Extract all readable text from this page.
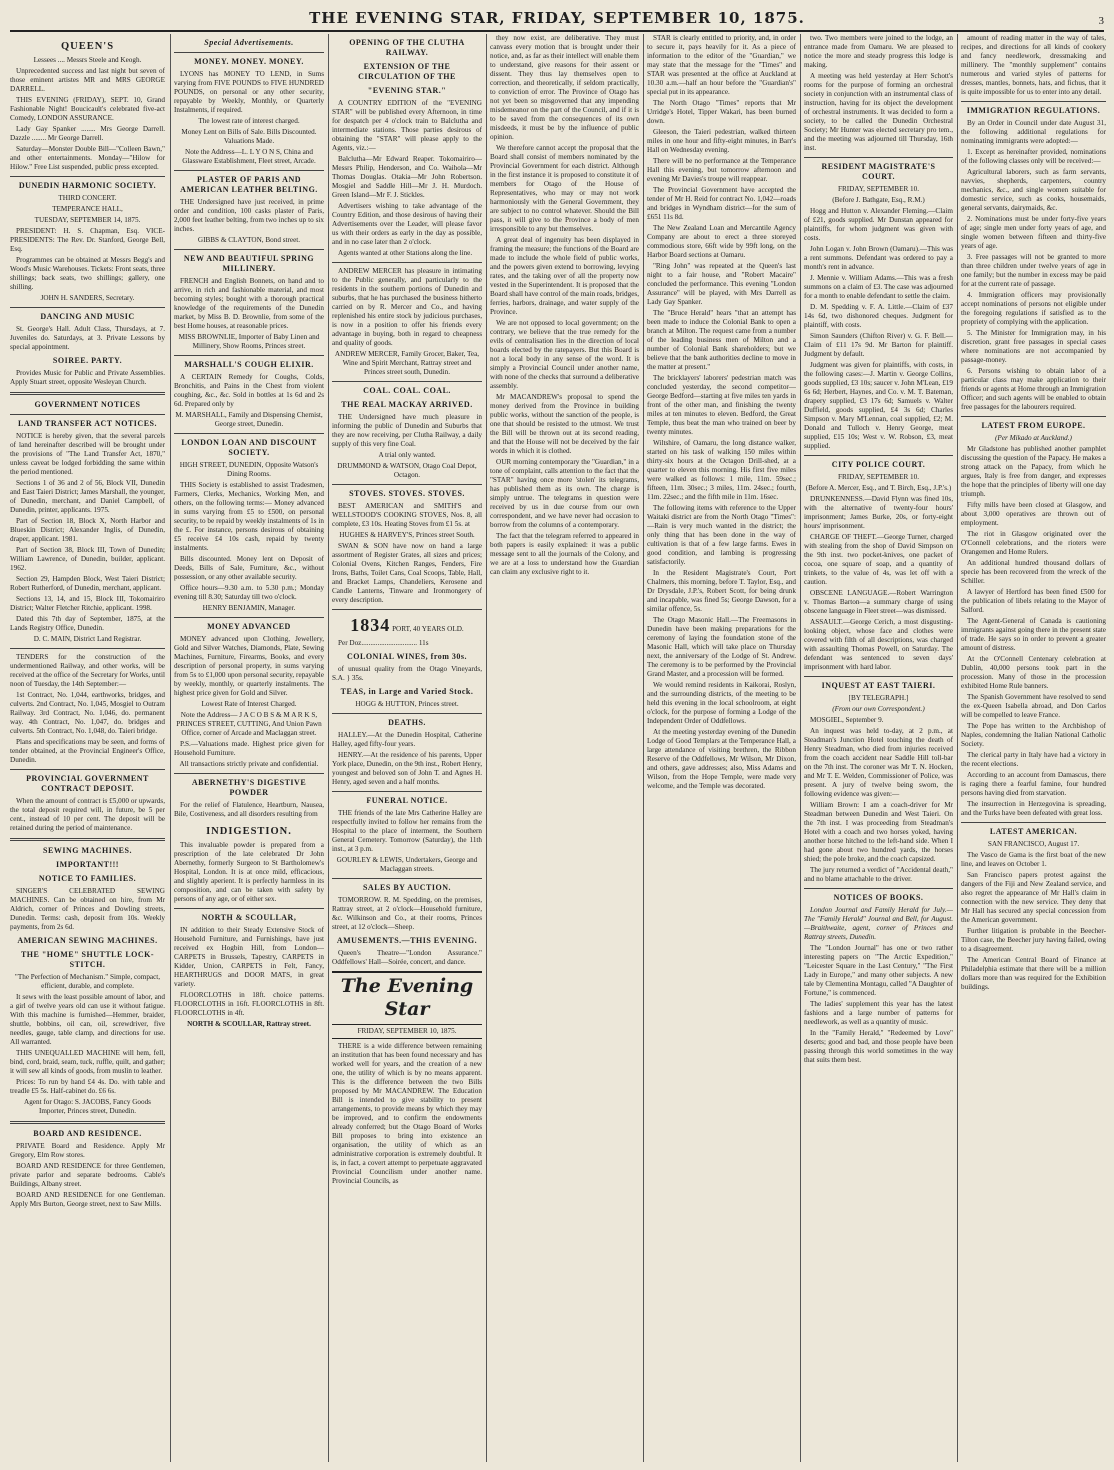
THE EVENING STAR, FRIDAY, SEPTEMBER 10, 1875.	3
QUEEN'S

Lessees .... Messrs Steele and Keogh.

Unprecedented success and last night but seven of those eminent artistes MR and MRS GEORGE DARRELL.

THIS EVENING (FRIDAY), SEPT. 10, Grand Fashionable Night! Boucicault's celebrated five-act Comedy, LONDON ASSURANCE.

Lady Gay Spanker ........ Mrs George Darrell. Dazzle ........ Mr George Darrell.

Saturday—Monster Double Bill—"Colleen Bawn," and other entertainments. Monday—"Hilow for Hilow." Free List suspended, public press excepted.

DUNEDIN HARMONIC SOCIETY.

THIRD CONCERT.

TEMPERANCE HALL,

TUESDAY, SEPTEMBER 14, 1875.

PRESIDENT: H. S. Chapman, Esq. VICE-PRESIDENTS: The Rev. Dr. Stanford, George Bell, Esq.

Programmes can be obtained at Messrs Begg's and Wood's Music Warehouses. Tickets: Front seats, three shillings; back seats, two shillings; gallery, one shilling.

JOHN H. SANDERS, Secretary.

DANCING AND MUSIC

St. George's Hall. Adult Class, Thursdays, at 7. Juveniles do. Saturdays, at 3. Private Lessons by special appointment.

SOIREE. PARTY.

Provides Music for Public and Private Assemblies. Apply Stuart street, opposite Wesleyan Church.

GOVERNMENT NOTICES
LAND TRANSFER ACT NOTICES.

NOTICE is hereby given, that the several parcels of land hereinafter described will be brought under the provisions of "The Land Transfer Act, 1870," unless caveat be lodged forbidding the same within the period mentioned.

Sections 1 of 36 and 2 of 56, Block VII, Dunedin and East Taieri District; James Marshall, the younger, of Dunedin, merchant, and Daniel Campbell, of Dunedin, printer, applicants. 1975.

Part of Section 18, Block X, North Harbor and Blueskin District; Alexander Inglis, of Dunedin, draper, applicant. 1981.

Part of Section 38, Block III, Town of Dunedin; William Lawrence, of Dunedin, builder, applicant. 1962.

Section 29, Hampden Block, West Taieri District; Robert Rutherford, of Dunedin, merchant, applicant.

Sections 13, 14, and 15, Block III, Tokomairiro District; Walter Fletcher Ritchie, applicant. 1998.

Dated this 7th day of September, 1875, at the Lands Registry Office, Dunedin.

D. C. MAIN, District Land Registrar.

TENDERS for the construction of the undermentioned Railway, and other works, will be received at the office of the Secretary for Works, until noon of Tuesday, the 14th September:—

1st Contract, No. 1,044, earthworks, bridges, and culverts. 2nd Contract, No. 1,045, Mosgiel to Outram Railway. 3rd Contract, No. 1,046, do. permanent way. 4th Contract, No. 1,047, do. bridges and culverts. 5th Contract, No. 1,048, do. Taieri bridge.

Plans and specifications may be seen, and forms of tender obtained, at the Provincial Engineer's Office, Dunedin.

PROVINCIAL GOVERNMENT CONTRACT DEPOSIT.

When the amount of contract is £5,000 or upwards, the total deposit required will, in future, be 5 per cent., instead of 10 per cent. The deposit will be retained during the period of maintenance.

SEWING MACHINES.
IMPORTANT!!!
NOTICE TO FAMILIES.

SINGER'S CELEBRATED SEWING MACHINES. Can be obtained on hire, from Mr Aldrich, corner of Princes and Dowling streets, Dunedin. Terms: cash, deposit from 10s. Weekly payments, from 2s 6d.

AMERICAN SEWING MACHINES.
THE "HOME" SHUTTLE LOCK-STITCH.

"The Perfection of Mechanism." Simple, compact, efficient, durable, and complete.

It sews with the least possible amount of labor, and a girl of twelve years old can use it without fatigue. With this machine is furnished—Hemmer, braider, shuttle, bobbins, oil can, oil, screwdriver, five needles, gauge, table clamp, and directions for use. All warranted.

THIS UNEQUALLED MACHINE will hem, fell, bind, cord, braid, seam, tuck, ruffle, quilt, and gather; it will sew all kinds of goods, from muslin to leather.

Prices: To run by hand £4 4s. Do. with table and treadle £5 5s. Half-cabinet do. £6 6s.

Agent for Otago: S. JACOBS, Fancy Goods Importer, Princes street, Dunedin.

BOARD AND RESIDENCE.

PRIVATE Board and Residence. Apply Mr Gregory, Elm Row stores.

BOARD AND RESIDENCE for three Gentlemen, private parlor and separate bedrooms. Cable's Buildings, Albany street.

BOARD AND RESIDENCE for one Gentleman. Apply Mrs Burton, George street, next to Saw Mills.

Special Advertisements.
MONEY. MONEY. MONEY.

LYONS has MONEY TO LEND, in Sums varying from FIVE POUNDS to FIVE HUNDRED POUNDS, on personal or any other security, repayable by Weekly, Monthly, or Quarterly Instalments, if required.

The lowest rate of interest charged.

Money Lent on Bills of Sale. Bills Discounted. Valuations Made.

Note the Address—L. L Y O N S, China and Glassware Establishment, Fleet street, Arcade.

PLASTER OF PARIS AND AMERICAN LEATHER BELTING.

THE Undersigned have just received, in prime order and condition, 100 casks plaster of Paris, 2,000 feet leather belting, from two inches up to six inches.

GIBBS & CLAYTON, Bond street.

NEW AND BEAUTIFUL SPRING MILLINERY.

FRENCH and English Bonnets, on hand and to arrive, in rich and fashionable material, and most becoming styles; bought with a thorough practical knowledge of the requirements of the Dunedin market, by Miss B. D. Brownlie, from some of the best Home houses, at reasonable prices.

MISS BROWNLIE, Importer of Baby Linen and Millinery, Show Rooms, Princes street.

MARSHALL'S COUGH ELIXIR.

A CERTAIN Remedy for Coughs, Colds, Bronchitis, and Pains in the Chest from violent coughing, &c., &c. Sold in bottles at 1s 6d and 2s 6d. Prepared only by

M. MARSHALL, Family and Dispensing Chemist, George street, Dunedin.

LONDON LOAN AND DISCOUNT SOCIETY.

HIGH STREET, DUNEDIN, Opposite Watson's Dining Rooms.

THIS Society is established to assist Tradesmen, Farmers, Clerks, Mechanics, Working Men, and others, on the following terms:— Money advanced in sums varying from £5 to £500, on personal security, to be repaid by weekly instalments of 1s in the £. For instance, persons desirous of obtaining £5 receive £4 10s cash, repaid by twenty instalments.

Bills discounted. Money lent on Deposit of Deeds, Bills of Sale, Furniture, &c., without possession, or any other available security.

Office hours—9.30 a.m. to 5.30 p.m.; Monday evening till 8.30; Saturday till two o'clock.

HENRY BENJAMIN, Manager.

MONEY ADVANCED

MONEY advanced upon Clothing, Jewellery, Gold and Silver Watches, Diamonds, Plate, Sewing Machines, Furniture, Firearms, Books, and every description of personal property, in sums varying from 5s to £1,000 upon personal security, repayable by weekly, monthly, or quarterly instalments. The highest price given for Gold and Silver.

Lowest Rate of Interest Charged.

Note the Address— J A C O B S & M A R K S, PRINCES STREET, CUTTING, And Union Pawn Office, corner of Arcade and Maclaggan street.

P.S.—Valuations made. Highest price given for Household Furniture.

All transactions strictly private and confidential.

ABERNETHY'S DIGESTIVE POWDER

For the relief of Flatulence, Heartburn, Nausea, Bile, Costiveness, and all disorders resulting from

INDIGESTION.

This invaluable powder is prepared from a prescription of the late celebrated Dr John Abernethy, formerly Surgeon to St Bartholomew's Hospital, London. It is at once mild, efficacious, and slightly aperient. It is perfectly harmless in its composition, and can be taken with safety by persons of any age, or of either sex.

NORTH & SCOULLAR,

IN addition to their Steady Extensive Stock of Household Furniture, and Furnishings, have just received ex Hogbin Hill, from London— CARPETS in Brussels, Tapestry, CARPETS in Kidder, Union, CARPETS in Felt, Fancy, HEARTHRUGS and DOOR MATS, in great variety.

FLOORCLOTHS in 18ft. choice patterns. FLOORCLOTHS in 16ft. FLOORCLOTHS in 8ft. FLOORCLOTHS in 4ft.

NORTH & SCOULLAR, Rattray street.

OPENING OF THE CLUTHA RAILWAY.
EXTENSION OF THE CIRCULATION OF THE
"EVENING STAR."

A COUNTRY EDITION of the "EVENING STAR" will be published every Afternoon, in time for despatch per 4 o'clock train to Balclutha and intermediate stations. Those parties desirous of obtaining the "STAR" will please apply to the Agents, viz.:—

Balclutha—Mr Edward Reaper. Tokomairiro—Messrs Philip, Henderson, and Co. Waihola—Mr Thomas Douglas. Otakia—Mr John Robertson. Mosgiel and Saddle Hill—Mr J. H. Murdoch. Green Island—Mr F. J. Stickles.

Advertisers wishing to take advantage of the Country Edition, and those desirous of having their Advertisements over the Leader, will please favor us with their orders as early in the day as possible, and in no case later than 2 o'clock.

Agents wanted at other Stations along the line.

ANDREW MERCER has pleasure in intimating to the Public generally, and particularly to the residents in the southern portions of Dunedin and suburbs, that he has purchased the business hitherto carried on by R. Mercer and Co., and having replenished his entire stock by judicious purchases, is now in a position to offer his friends every advantage in buying, both in regard to cheapness and quality of goods.

ANDREW MERCER, Family Grocer, Baker, Tea, Wine and Spirit Merchant, Rattray street and Princes street south, Dunedin.

COAL. COAL. COAL.
THE REAL MACKAY ARRIVED.

THE Undersigned have much pleasure in informing the public of Dunedin and Suburbs that they are now receiving, per Clutha Railway, a daily supply of this very fine Coal.

A trial only wanted.

DRUMMOND & WATSON, Otago Coal Depot, Octagon.

STOVES. STOVES. STOVES.

BEST AMERICAN and SMITH'S and WELLSTOOD'S COOKING STOVES, Nos. 8, all complete, £3 10s. Heating Stoves from £1 5s. at

HUGHES & HARVEY'S, Princes street South.

SWAN & SON have now on hand a large assortment of Register Grates, all sizes and prices; Colonial Ovens, Kitchen Ranges, Fenders, Fire Irons, Baths, Toilet Cans, Coal Scoops, Table, Hall, and Bracket Lamps, Chandeliers, Kerosene and Candle Lanterns, Tinware and Ironmongery of every description.

1834 PORT, 40 YEARS OLD.

Per Doz............................... 11s

COLONIAL WINES, from 30s.

of unusual quality from the Otago Vineyards, S.A. } 35s.

TEAS, in Large and Varied Stock.

HOGG & HUTTON, Princes street.

DEATHS.

HALLEY.—At the Dunedin Hospital, Catherine Halley, aged fifty-four years.

HENRY.—At the residence of his parents, Upper York place, Dunedin, on the 9th inst., Robert Henry, youngest and beloved son of John T. and Agnes H. Henry, aged seven and a half months.

FUNERAL NOTICE.

THE friends of the late Mrs Catherine Halley are respectfully invited to follow her remains from the Hospital to the place of interment, the Southern General Cemetery. Tomorrow (Saturday), the 11th inst., at 3 p.m.

GOURLEY & LEWIS, Undertakers, George and Maclaggan streets.

SALES BY AUCTION.

TOMORROW. R. M. Spedding, on the premises, Rattray street, at 2 o'clock—Household furniture, &c. Wilkinson and Co., at their rooms, Princes street, at 12 o'clock—Sheep.

AMUSEMENTS.—THIS EVENING.

Queen's Theatre—"London Assurance." Oddfellows' Hall—Soirée, concert, and dance.

The Evening Star
FRIDAY, SEPTEMBER 10, 1875.

THERE is a wide difference between remaining an institution that has been found necessary and has worked well for years, and the creation of a new one, the utility of which is by no means apparent. This is the difference between the two Bills proposed by Mr MACANDREW. The Education Bill is intended to give stability to present arrangements, to provide means by which they may be improved, and to confirm the endowments already conferred; but the Otago Board of Works Bill proposes to bring into existence an organisation, the utility of which as an administrative corporation is extremely doubtful. It is, in fact, a covert attempt to perpetuate aggravated Provincial Councilism under another name. Provincial Councils, as

they now exist, are deliberative. They must canvass every motion that is brought under their notice, and, as far as their intellect will enable them to understand, give reasons for their assent or dissent. They thus lay themselves open to correction, and theoretically, if seldom practically, to conviction of error. The Province of Otago has not yet been so misgoverned that any impending misdemeanor on the part of the Council, and if it is to be saved from the consequences of its own misdeeds, it must be by the influence of public opinion.

We therefore cannot accept the proposal that the Board shall consist of members nominated by the Provincial Government for each district. Although in the first instance it is proposed to constitute it of members for Otago of the House of Representatives, who may or may not work harmoniously with the General Government, they are subject to no control whatever. Should the Bill pass, it will give to the Province a body of men irresponsible to any but themselves.

A great deal of ingenuity has been displayed in framing the measure; the functions of the Board are made to include the whole field of public works, and the powers given extend to borrowing, levying rates, and the taking over of all the property now vested in the Superintendent. It is proposed that the Board shall have control of the main roads, bridges, ferries, harbors, drainage, and water supply of the Province.

We are not opposed to local government; on the contrary, we believe that the true remedy for the evils of centralisation lies in the direction of local boards elected by the ratepayers. But this Board is not a local body in any sense of the word. It is simply a Provincial Council under another name, with none of the checks that surround a deliberative assembly.

Mr MACANDREW's proposal to spend the money derived from the Province in building public works, without the sanction of the people, is one that should be resisted to the utmost. We trust the Bill will be thrown out at its second reading, and that the House will not be deceived by the fair words in which it is clothed.

OUR morning contemporary the "Guardian," in a tone of complaint, calls attention to the fact that the "STAR" having once more 'stolen' its telegrams, has published them as its own. The charge is simply untrue. The telegrams in question were received by us in due course from our own correspondent, and we have never had occasion to borrow from the columns of a contemporary.

The fact that the telegram referred to appeared in both papers is easily explained: it was a public message sent to all the journals of the Colony, and we are at a loss to understand how the Guardian can claim any exclusive right to it.

STAR is clearly entitled to priority, and, in order to secure it, pays heavily for it. As a piece of information to the editor of the "Guardian," we may state that the message for the "Times" and STAR was presented at the office at Auckland at 10.30 a.m.—half an hour before the "Guardian's" special put in its appearance.

The North Otago "Times" reports that Mr Urridge's Hotel, Tipper Wakari, has been burned down.

Gleeson, the Taieri pedestrian, walked thirteen miles in one hour and fifty-eight minutes, in Barr's Hall on Wednesday evening.

There will be no performance at the Temperance Hall this evening, but tomorrow afternoon and evening Mr Davies's troupe will reappear.

The Provincial Government have accepted the tender of Mr H. Reid for contract No. 1,042—roads and bridges in Wyndham district—for the sum of £651 11s 8d.

The New Zealand Loan and Mercantile Agency Company are about to erect a three storeyed commodious store, 66ft wide by 99ft long, on the Harbor Board sections at Oamaru.

"Ring John" was repeated at the Queen's last night to a fair house, and "Robert Macaire" concluded the performance. This evening "London Assurance" will be played, with Mrs Darrell as Lady Gay Spanker.

The "Bruce Herald" hears "that an attempt has been made to induce the Colonial Bank to open a branch at Milton. The request came from a number of the leading business men of Milton and a number of Colonial Bank shareholders; but we believe that the bank authorities decline to move in the matter at present."

The bricklayers' laborers' pedestrian match was concluded yesterday, the second competitor—George Bedford—starting at five miles ten yards in front of the other man, and finishing the twenty miles at ten minutes to eleven. Bedford, the Great Temple, thus beat the man who trained on beer by twenty minutes.

Wiltshire, of Oamaru, the long distance walker, started on his task of walking 150 miles within thirty-six hours at the Octagon Drill-shed, at a quarter to eleven this morning. His first five miles were walked as follows: 1 mile, 11m. 59sec.; fifteen, 11m. 30sec.; 3 miles, 11m. 24sec.; fourth, 11m. 22sec.; and the fifth mile in 11m. 16sec.

The following items with reference to the Upper Waitaki district are from the North Otago "Times":—Rain is very much wanted in the district; the only thing that has been done in the way of cultivation is that of a few large farms. Ewes in good condition, and lambing is progressing satisfactorily.

In the Resident Magistrate's Court, Port Chalmers, this morning, before T. Taylor, Esq., and Dr Drysdale, J.P.'s, Robert Scott, for being drunk and incapable, was fined 5s; George Dawson, for a similar offence, 5s.

The Otago Masonic Hall.—The Freemasons in Dunedin have been making preparations for the ceremony of laying the foundation stone of the Masonic Hall, which will take place on Thursday next, the anniversary of the Lodge of St. Andrew. The ceremony is to be performed by the Provincial Grand Master, and a procession will be formed.

We would remind residents in Kaikorai, Roslyn, and the surrounding districts, of the meeting to be held this evening in the local schoolroom, at eight o'clock, for the purpose of forming a Lodge of the Independent Order of Oddfellows.

At the meeting yesterday evening of the Dunedin Lodge of Good Templars at the Temperance Hall, a large attendance of visiting brethren, the Ribbon Reserve of the Oddfellows, Mr Wilson, Mr Dixon, and others, gave addresses; also, Miss Adams and Wilson, from the Hope Temple, were made very welcome, and the Temple was decorated.

two. Two members were joined to the lodge, an entrance made from Oamaru. We are pleased to notice the more and steady progress this lodge is making.

A meeting was held yesterday at Herr Schott's rooms for the purpose of forming an orchestral society in conjunction with an instrumental class of instruction, having for its object the development of orchestral instruments. It was decided to form a society, to be called the Dunedin Orchestral Society; Mr Hunter was elected secretary pro tem., and the meeting was adjourned till Thursday, 16th inst.

RESIDENT MAGISTRATE'S COURT.

FRIDAY, SEPTEMBER 10.

(Before J. Bathgate, Esq., R.M.)

Hogg and Hutton v. Alexander Fleming.—Claim of £21, goods supplied. Mr Dunstan appeared for plaintiffs, for whom judgment was given with costs.

John Logan v. John Brown (Oamaru).—This was a rent summons. Defendant was ordered to pay a month's rent in advance.

J. Mennie v. William Adams.—This was a fresh summons on a claim of £3. The case was adjourned for a month to enable defendant to settle the claim.

D. M. Spedding v. F. A. Little.—Claim of £37 14s 6d, two dishonored cheques. Judgment for plaintiff, with costs.

Simon Saunders (Chifton River) v. G. F. Bell.—Claim of £11 17s 9d. Mr Barton for plaintiff. Judgment by default.

Judgment was given for plaintiffs, with costs, in the following cases:—J. Martin v. George Collins, goods supplied, £3 10s; saucer v. John M'Lean, £19 6s 6d; Herbert, Haynes, and Co. v. M. T. Bateman, drapery supplied, £3 17s 6d; Samuels v. Walter Duffield, goods supplied, £4 3s 6d; Charles Simpson v. Mary M'Lennan, coal supplied, £2; M. Donald and Tulloch v. Henry George, meat supplied, £15 10s; West v. W. Robson, £3, meat supplied.

CITY POLICE COURT.

FRIDAY, SEPTEMBER 10.

(Before A. Mercer, Esq., and T. Birch, Esq., J.P.'s.)

DRUNKENNESS.—David Flynn was fined 10s, with the alternative of twenty-four hours' imprisonment; James Burke, 20s, or forty-eight hours' imprisonment.

CHARGE OF THEFT.—George Turner, charged with stealing from the shop of David Simpson on the 9th inst. two pocket-knives, one packet of cocoa, one square of soap, and a quantity of trinkets, to the value of 4s, was let off with a caution.

OBSCENE LANGUAGE.—Robert Warrington v. Thomas Barton—a summary charge of using obscene language in Fleet street—was dismissed.

ASSAULT.—George Cerich, a most disgusting-looking object, whose face and clothes were covered with filth of all descriptions, was charged with assaulting Thomas Powell, on Saturday. The defendant was sentenced to seven days' imprisonment with hard labor.

INQUEST AT EAST TAIERI.

[BY TELEGRAPH.]

(From our own Correspondent.)

MOSGIEL, September 9.

An inquest was held to-day, at 2 p.m., at Steadman's Junction Hotel touching the death of Henry Steadman, who died from injuries received from the coach accident near Saddle Hill toll-bar on the 7th inst. The coroner was Mr T. N. Hocken, and Mr T. E. Welden, Commissioner of Police, was present. A jury of twelve being sworn, the following evidence was given:—

William Brown: I am a coach-driver for Mr Steadman between Dunedin and West Taieri. On the 7th inst. I was proceeding from Steadman's Hotel with a coach and two horses yoked, having another horse hitched to the left-hand side. When I had gone about two hundred yards, the horses shied; the pole broke, and the coach capsized.

The jury returned a verdict of "Accidental death," and no blame attachable to the driver.

NOTICES OF BOOKS.

London Journal and Family Herald for July.—The "Family Herald" Journal and Bell, for August.—Braithwaite, agent, corner of Princes and Rattray streets, Dunedin.

The "London Journal" has one or two rather interesting papers on "The Arctic Expedition," "Leicester Square in the Last Century," "The First Lady in Europe," and many other subjects. A new tale by Clementina Montagu, called "A Daughter of Fortune," is commenced.

The ladies' supplement this year has the latest fashions and a large number of patterns for needlework, as well as a quantity of music.

In the "Family Herald," "Redeemed by Love" deserts; good and bad, and those people have been passing through this world sometimes in the way that suits them best.

amount of reading matter in the way of tales, recipes, and directions for all kinds of cookery and fancy needlework, dressmaking and millinery. The "monthly supplement" contains numerous and varied styles of patterns for dresses, mantles, bonnets, hats, and fichus, that it is quite impossible for us to enter into any detail.

IMMIGRATION REGULATIONS.

By an Order in Council under date August 31, the following additional regulations for nominating immigrants were adopted:—

1. Except as hereinafter provided, nominations of the following classes only will be received:—

Agricultural laborers, such as farm servants, navvies, shepherds, carpenters, country mechanics, &c., and single women suitable for domestic service, such as cooks, housemaids, general servants, dairymaids, &c.

2. Nominations must be under forty-five years of age; single men under forty years of age, and single women between fifteen and thirty-five years of age.

3. Free passages will not be granted to more than three children under twelve years of age in one family; but the number in excess may be paid for at the current rate of passage.

4. Immigration officers may provisionally accept nominations of persons not eligible under the foregoing regulations if satisfied as to the propriety of complying with the application.

5. The Minister for Immigration may, in his discretion, grant free passages in special cases where nominations are not accompanied by passage-money.

6. Persons wishing to obtain labor of a particular class may make application to their friends or agents at Home through an Immigration Officer; and such agents will be enabled to obtain free passages for the labourers required.

LATEST FROM EUROPE.

(Per Mikado at Auckland.)

Mr Gladstone has published another pamphlet discussing the question of the Papacy. He makes a strong attack on the Papacy, from which he argues, Italy is free from danger, and expresses the hope that the principles of liberty will one day triumph.

Fifty mills have been closed at Glasgow, and about 3,000 operatives are thrown out of employment.

The riot in Glasgow originated over the O'Connell celebrations, and the rioters were Orangemen and Home Rulers.

An additional hundred thousand dollars of specie has been recovered from the wreck of the Schiller.

A lawyer of Hertford has been fined £500 for the publication of libels relating to the Mayor of Salford.

The Agent-General of Canada is cautioning immigrants against going there in the present state of trade. He says so in order to prevent a greater amount of distress.

At the O'Connell Centenary celebration at Dublin, 40,000 persons took part in the procession. Many of those in the procession exhibited Home Rule banners.

The Spanish Government have resolved to send the ex-Queen Isabella abroad, and Don Carlos will be compelled to leave France.

The Pope has written to the Archbishop of Naples, condemning the Italian National Catholic Society.

The clerical party in Italy have had a victory in the recent elections.

According to an account from Damascus, there is raging there a fearful famine, four hundred persons having died from starvation.

The insurrection in Herzegovina is spreading, and the Turks have been defeated with great loss.

LATEST AMERICAN.

SAN FRANCISCO, August 17.

The Vasco de Gama is the first boat of the new line, and leaves on October 1.

San Francisco papers protest against the dangers of the Fiji and New Zealand service, and also regret the appearance of Mr Hall's claim in connection with the new service. They deny that Mr Hall has secured any special concession from the American government.

Further litigation is probable in the Beecher-Tilton case, the Beecher jury having failed, owing to a disagreement.

The American Central Board of Finance at Philadelphia estimate that there will be a million dollars more than was required for the Exhibition buildings.
